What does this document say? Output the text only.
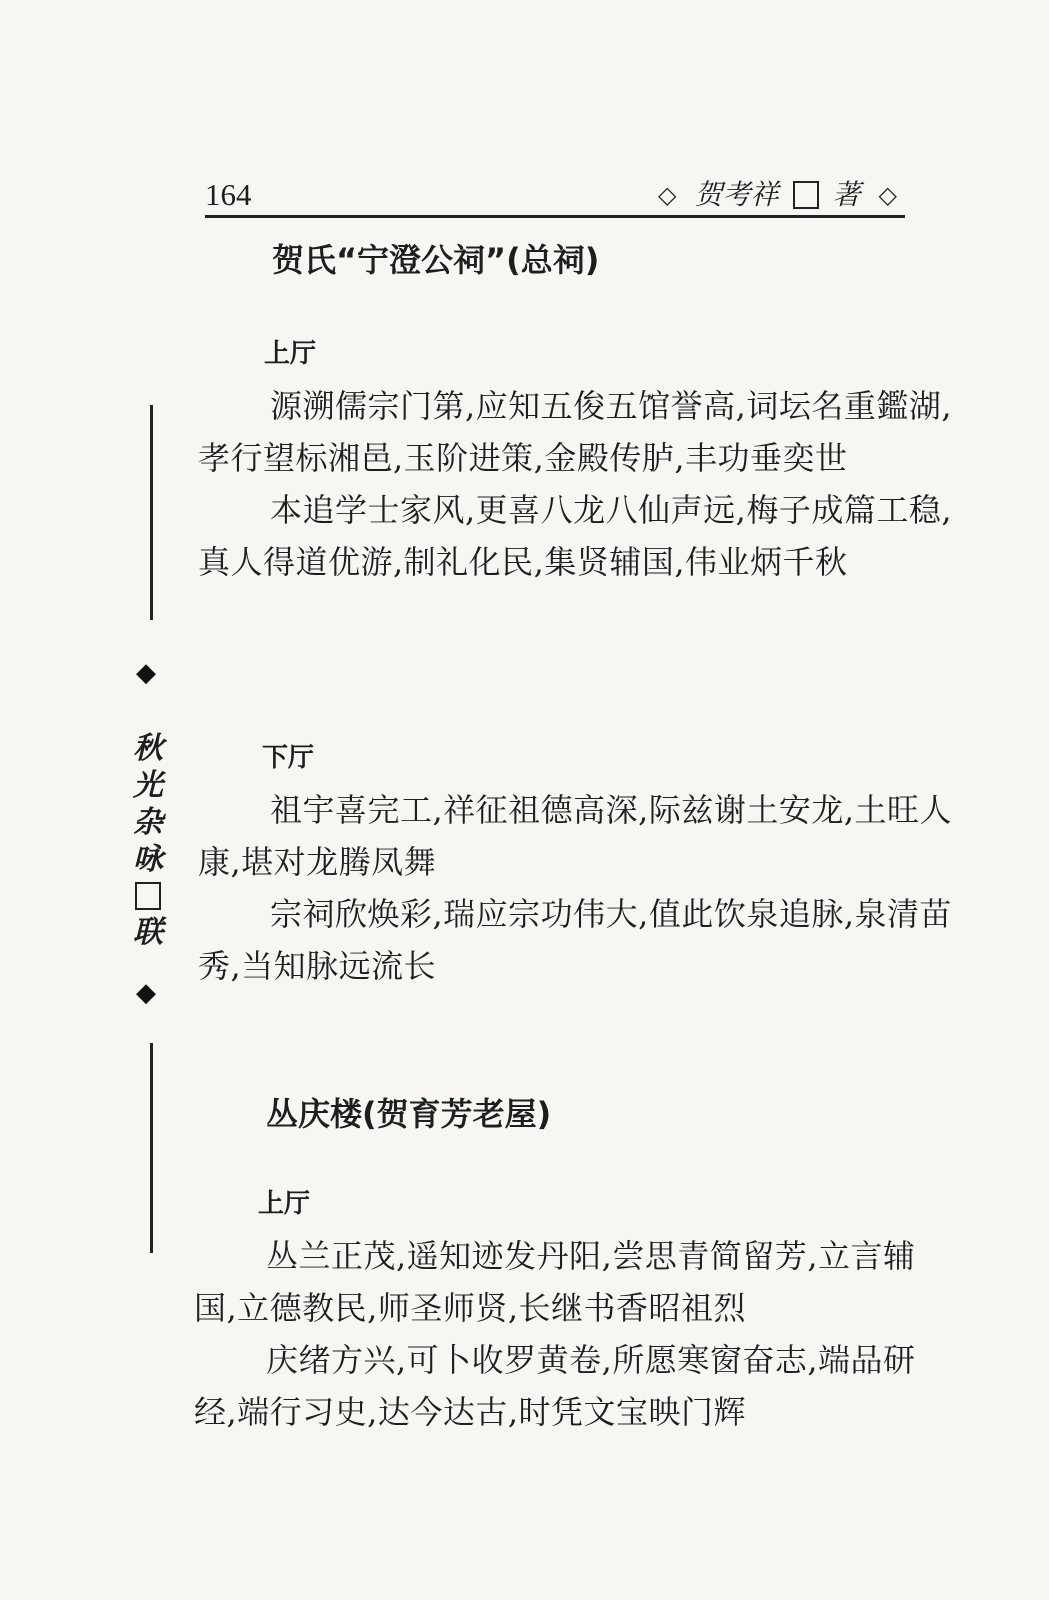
164	◇ 贺考祥 著 ◇
◆
秋
光
杂
咏
联
◆
贺氏“宁澄公祠”(总祠)
上厅

源溯儒宗门第,应知五俊五馆誉高,词坛名重鑑湖,孝行望标湘邑,玉阶进策,金殿传胪,丰功垂奕世

本追学士家风,更喜八龙八仙声远,梅子成篇工稳,真人得道优游,制礼化民,集贤辅国,伟业炳千秋

下厅

祖宇喜完工,祥征祖德高深,际兹谢土安龙,土旺人康,堪对龙腾凤舞

宗祠欣焕彩,瑞应宗功伟大,值此饮泉追脉,泉清苗秀,当知脉远流长

丛庆楼(贺育芳老屋)
上厅

丛兰正茂,遥知迹发丹阳,尝思青简留芳,立言辅国,立德教民,师圣师贤,长继书香昭祖烈

庆绪方兴,可卜收罗黄卷,所愿寒窗奋志,端品研经,端行习史,达今达古,时凭文宝映门辉
